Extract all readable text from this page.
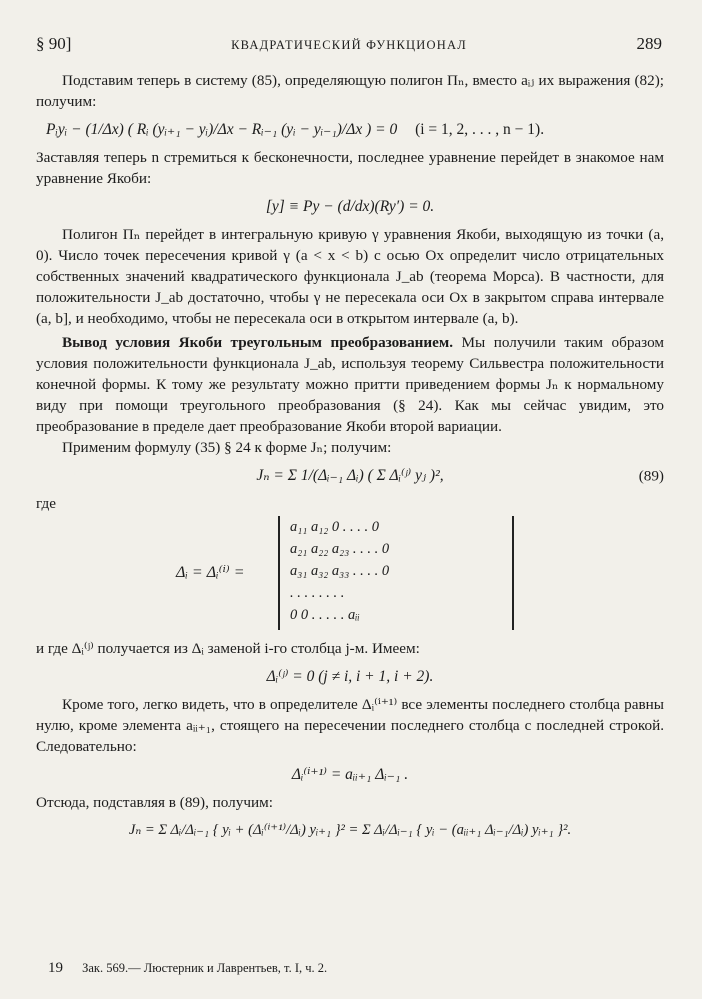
§ 90]	КВАДРАТИЧЕСКИЙ ФУНКЦИОНАЛ	289

Подставим теперь в систему (85), определяющую полигон Пₙ, вместо aᵢⱼ их выражения (82); получим:

Pᵢyᵢ − (1/Δx) ( Rᵢ (yᵢ₊₁ − yᵢ)/Δx − Rᵢ₋₁ (yᵢ − yᵢ₋₁)/Δx ) = 0 (i = 1, 2, . . . , n − 1).

Заставляя теперь n стремиться к бесконечности, последнее уравнение перейдет в знакомое нам уравнение Якоби:

[y] ≡ Py − (d/dx)(Ry′) = 0.

Полигон Пₙ перейдет в интегральную кривую γ уравнения Якоби, выходящую из точки (a, 0). Число точек пересечения кривой γ (a < x < b) с осью Ox определит число отрицательных собственных значений квадратического функционала J_ab (теорема Морса). В частности, для положительности J_ab достаточно, чтобы γ не пересекала оси Ox в закрытом справа интервале (a, b], и необходимо, чтобы не пересекала оси в открытом интервале (a, b).

Вывод условия Якоби треугольным преобразованием. Мы получили таким образом условия положительности функционала J_ab, используя теорему Сильвестра положительности конечной формы. К тому же результату можно притти приведением формы Jₙ к нормальному виду при помощи треугольного преобразования (§ 24). Как мы сейчас увидим, это преобразование в пределе дает преобразование Якоби второй вариации.

Применим формулу (35) § 24 к форме Jₙ; получим:

Jₙ = Σ 1/(Δᵢ₋₁ Δᵢ) ( Σ Δᵢ⁽ʲ⁾ yⱼ )²,	(89)

где

Δᵢ = Δᵢ⁽ⁱ⁾ =
a₁₁ a₁₂ 0 . . . . 0
a₂₁ a₂₂ a₂₃ . . . . 0
a₃₁ a₃₂ a₃₃ . . . . 0
. . . . . . . .
0 0 . . . . . aᵢᵢ

и где Δᵢ⁽ʲ⁾ получается из Δᵢ заменой i-го столбца j-м. Имеем:

Δᵢ⁽ʲ⁾ = 0 (j ≠ i, i + 1, i + 2).

Кроме того, легко видеть, что в определителе Δᵢ⁽ⁱ⁺¹⁾ все элементы последнего столбца равны нулю, кроме элемента aᵢᵢ₊₁, стоящего на пересечении последнего столбца с последней строкой. Следовательно:

Δᵢ⁽ⁱ⁺¹⁾ = aᵢᵢ₊₁ Δᵢ₋₁ .

Отсюда, подставляя в (89), получим:

Jₙ = Σ Δᵢ/Δᵢ₋₁ { yᵢ + (Δᵢ⁽ⁱ⁺¹⁾/Δᵢ) yᵢ₊₁ }² = Σ Δᵢ/Δᵢ₋₁ { yᵢ − (aᵢᵢ₊₁ Δᵢ₋₁/Δᵢ) yᵢ₊₁ }².
19 Зак. 569.— Люстерник и Лаврентьев, т. I, ч. 2.
